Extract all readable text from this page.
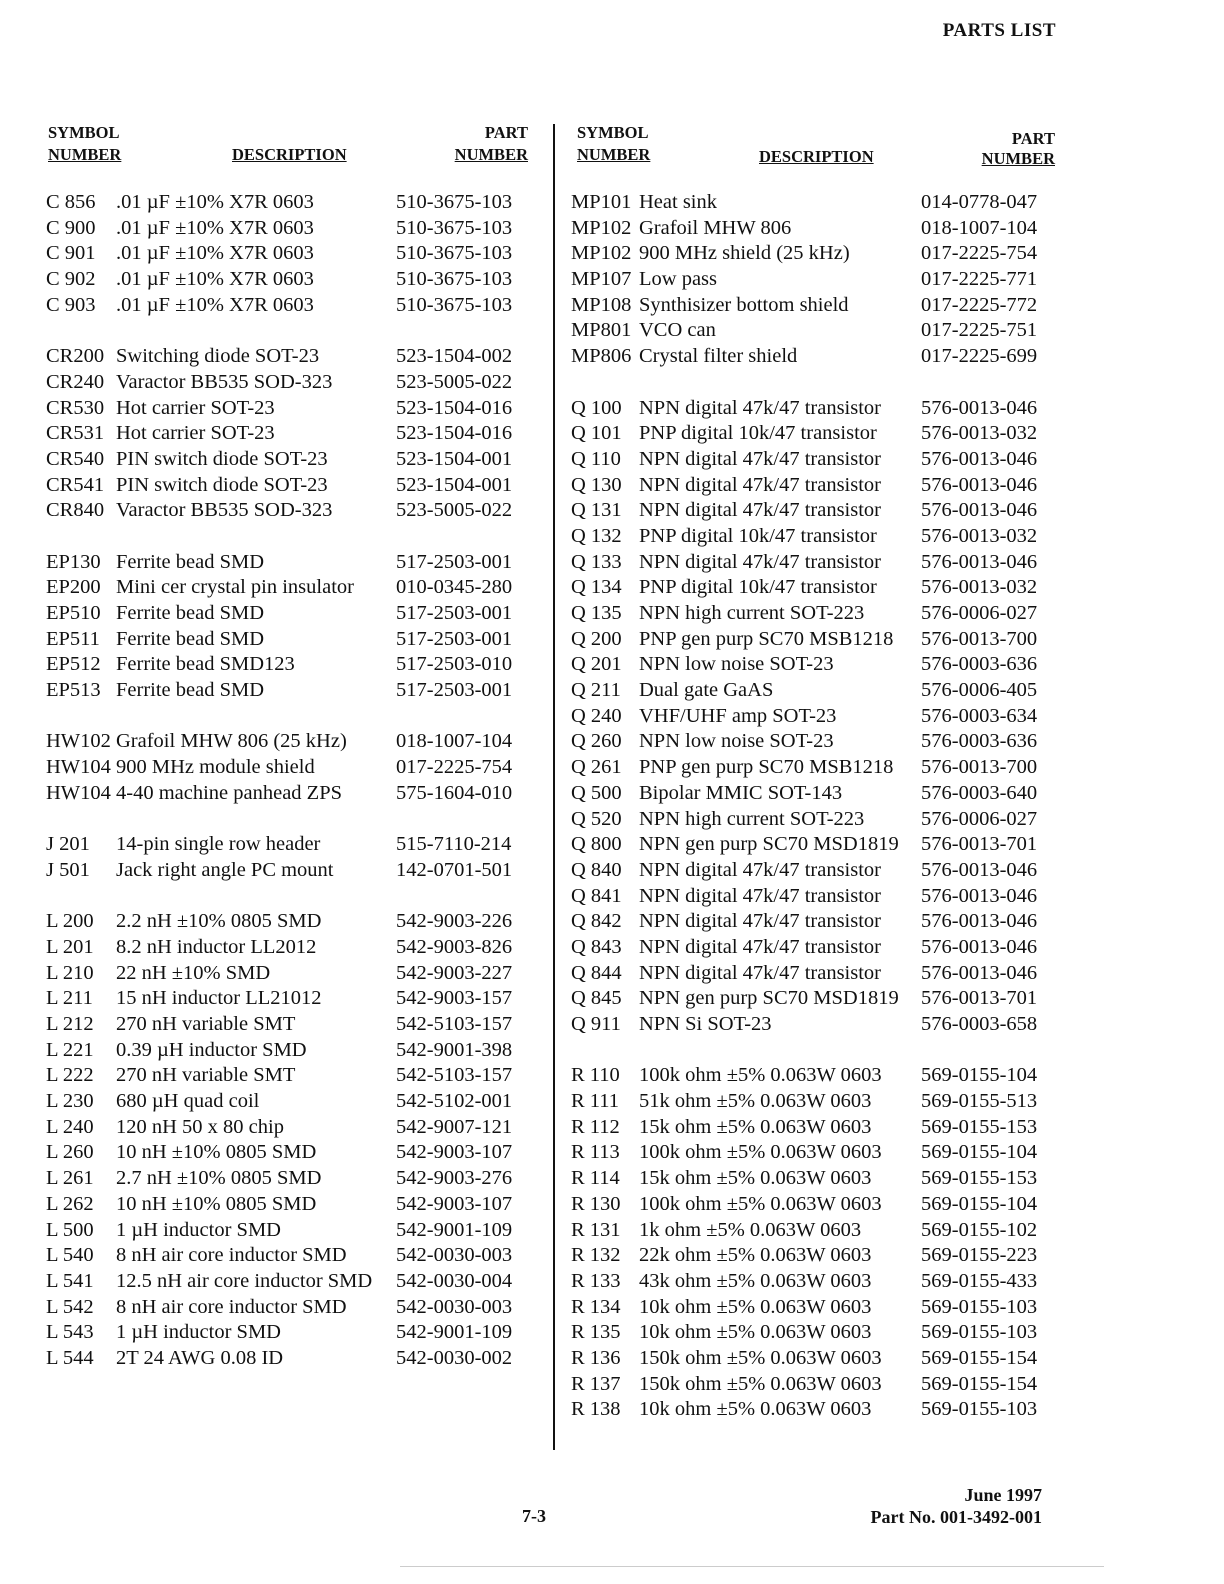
PARTS LIST
SYMBOL
NUMBER	DESCRIPTION
PART
NUMBER
C 856 .01 µF ±10% X7R 0603	510-3675-103
C 900 .01 µF ±10% X7R 0603	510-3675-103
C 901 .01 µF ±10% X7R 0603	510-3675-103
C 902 .01 µF ±10% X7R 0603	510-3675-103
C 903 .01 µF ±10% X7R 0603	510-3675-103
CR200 Switching diode SOT-23	523-1504-002
CR240 Varactor BB535 SOD-323	523-5005-022
CR530 Hot carrier SOT-23	523-1504-016
CR531 Hot carrier SOT-23	523-1504-016
CR540 PIN switch diode SOT-23	523-1504-001
CR541 PIN switch diode SOT-23	523-1504-001
CR840 Varactor BB535 SOD-323	523-5005-022
EP130 Ferrite bead SMD	517-2503-001
EP200 Mini cer crystal pin insulator 010-0345-280
EP510 Ferrite bead SMD	517-2503-001
EP511 Ferrite bead SMD	517-2503-001
EP512 Ferrite bead SMD123	517-2503-010
EP513 Ferrite bead SMD	517-2503-001
HW102 Grafoil MHW 806 (25 kHz) 018-1007-104
HW104 900 MHz module shield	017-2225-754
HW104 4-40 machine panhead ZPS	575-1604-010
J 201 14-pin single row header	515-7110-214
J 501 Jack right angle PC mount	142-0701-501
L 200 2.2 nH ±10% 0805 SMD	542-9003-226
L 201 8.2 nH inductor LL2012	542-9003-826
L 210 22 nH ±10% SMD	542-9003-227
L 211 15 nH inductor LL21012	542-9003-157
L 212 270 nH variable SMT	542-5103-157
L 221 0.39 µH inductor SMD	542-9001-398
L 222 270 nH variable SMT	542-5103-157
L 230 680 µH quad coil	542-5102-001
L 240 120 nH 50 x 80 chip	542-9007-121
L 260 10 nH ±10% 0805 SMD	542-9003-107
L 261 2.7 nH ±10% 0805 SMD	542-9003-276
L 262 10 nH ±10% 0805 SMD	542-9003-107
L 500 1 µH inductor SMD	542-9001-109
L 540 8 nH air core inductor SMD 542-0030-003
L 541 12.5 nH air core inductor SMD 542-0030-004
L 542 8 nH air core inductor SMD 542-0030-003
L 543 1 µH inductor SMD	542-9001-109
L 544 2T 24 AWG 0.08 ID	542-0030-002
SYMBOL
NUMBER	DESCRIPTION
PART
NUMBER
MP101 Heat sink	014-0778-047
MP102 Grafoil MHW 806	018-1007-104
MP102 900 MHz shield (25 kHz)	017-2225-754
MP107 Low pass	017-2225-771
MP108 Synthisizer bottom shield	017-2225-772
MP801 VCO can	017-2225-751
MP806 Crystal filter shield	017-2225-699
Q 100 NPN digital 47k/47 transistor 576-0013-046
Q 101 PNP digital 10k/47 transistor 576-0013-032
Q 110 NPN digital 47k/47 transistor 576-0013-046
Q 130 NPN digital 47k/47 transistor 576-0013-046
Q 131 NPN digital 47k/47 transistor 576-0013-046
Q 132 PNP digital 10k/47 transistor 576-0013-032
Q 133 NPN digital 47k/47 transistor 576-0013-046
Q 134 PNP digital 10k/47 transistor 576-0013-032
Q 135 NPN high current SOT-223	576-0006-027
Q 200 PNP gen purp SC70 MSB1218 576-0013-700
Q 201 NPN low noise SOT-23	576-0003-636
Q 211 Dual gate GaAS	576-0006-405
Q 240 VHF/UHF amp SOT-23	576-0003-634
Q 260 NPN low noise SOT-23	576-0003-636
Q 261 PNP gen purp SC70 MSB1218 576-0013-700
Q 500 Bipolar MMIC SOT-143	576-0003-640
Q 520 NPN high current SOT-223	576-0006-027
Q 800 NPN gen purp SC70 MSD1819 576-0013-701
Q 840 NPN digital 47k/47 transistor 576-0013-046
Q 841 NPN digital 47k/47 transistor 576-0013-046
Q 842 NPN digital 47k/47 transistor 576-0013-046
Q 843 NPN digital 47k/47 transistor 576-0013-046
Q 844 NPN digital 47k/47 transistor 576-0013-046
Q 845 NPN gen purp SC70 MSD1819 576-0013-701
Q 911 NPN Si SOT-23	576-0003-658
R 110 100k ohm ±5% 0.063W 0603 569-0155-104
R 111 51k ohm ±5% 0.063W 0603 569-0155-513
R 112 15k ohm ±5% 0.063W 0603 569-0155-153
R 113 100k ohm ±5% 0.063W 0603 569-0155-104
R 114 15k ohm ±5% 0.063W 0603 569-0155-153
R 130 100k ohm ±5% 0.063W 0603 569-0155-104
R 131 1k ohm ±5% 0.063W 0603	569-0155-102
R 132 22k ohm ±5% 0.063W 0603 569-0155-223
R 133 43k ohm ±5% 0.063W 0603 569-0155-433
R 134 10k ohm ±5% 0.063W 0603 569-0155-103
R 135 10k ohm ±5% 0.063W 0603 569-0155-103
R 136 150k ohm ±5% 0.063W 0603 569-0155-154
R 137 150k ohm ±5% 0.063W 0603 569-0155-154
R 138 10k ohm ±5% 0.063W 0603 569-0155-103
June 1997
7-3	Part No. 001-3492-001
